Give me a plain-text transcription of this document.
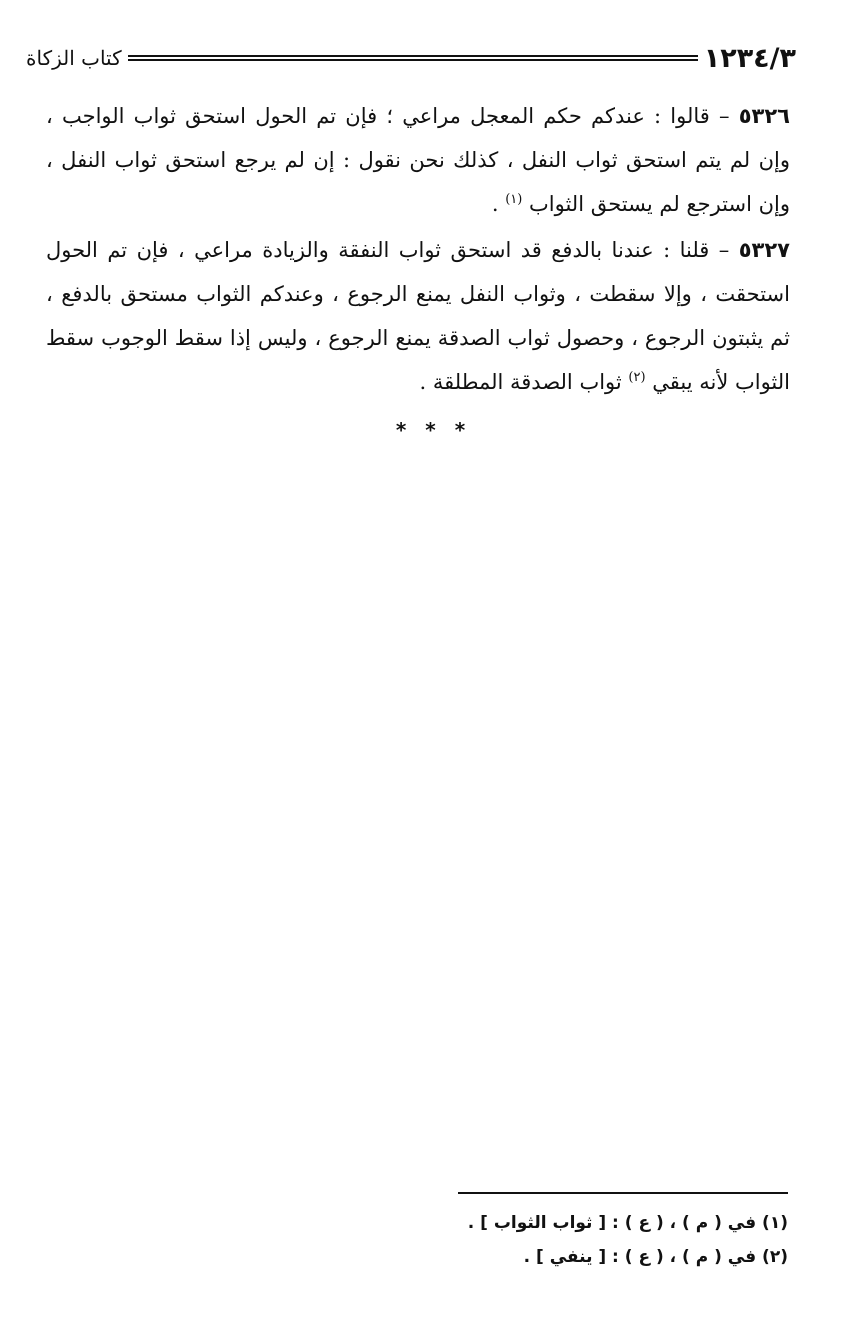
١٢٣٤/٣
كتاب الزكاة

٥٣٢٦ – قالوا : عندكم حكم المعجل مراعي ؛ فإن تم الحول استحق ثواب الواجب ، وإن لم يتم استحق ثواب النفل ، كذلك نحن نقول : إن لم يرجع استحق ثواب النفل ، وإن استرجع لم يستحق الثواب $^{(١)}$ .

٥٣٢٧ – قلنا : عندنا بالدفع قد استحق ثواب النفقة والزيادة مراعي ، فإن تم الحول استحقت ، وإلا سقطت ، وثواب النفل يمنع الرجوع ، وعندكم الثواب مستحق بالدفع ، ثم يثبتون الرجوع ، وحصول ثواب الصدقة يمنع الرجوع ، وليس إذا سقط الوجوب سقط الثواب لأنه يبقي $^{(٢)}$ ثواب الصدقة المطلقة .

* * *
(١) في ( م ) ، ( ع ) : [ ثواب الثواب ] .
(٢) في ( م ) ، ( ع ) : [ ينفي ] .
